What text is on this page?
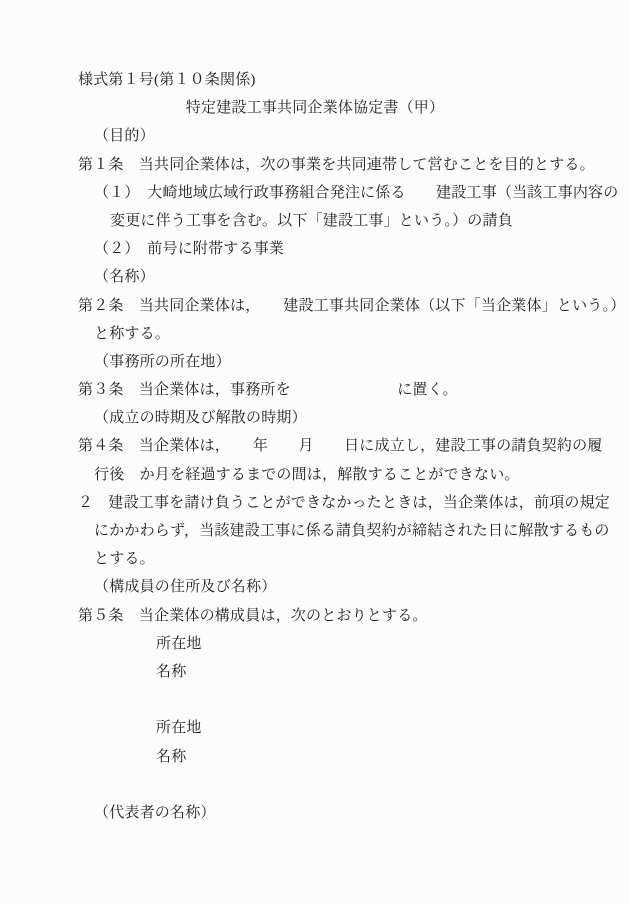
様式第１号(第１０条関係)
特定建設工事共同企業体協定書（甲）
（目的）
第１条　当共同企業体は，次の事業を共同連帯して営むことを目的とする。
（１）　大崎地域広域行政事務組合発注に係る　　建設工事（当該工事内容の
変更に伴う工事を含む。以下「建設工事」という。）の請負
（２）　前号に附帯する事業
（名称）
第２条　当共同企業体は，　　建設工事共同企業体（以下「当企業体」という。）
と称する。
（事務所の所在地）
第３条　当企業体は，事務所を　　　　　　　に置く。
（成立の時期及び解散の時期）
第４条　当企業体は，　　年　　月　　日に成立し，建設工事の請負契約の履
行後　か月を経過するまでの間は，解散することができない。
２　建設工事を請け負うことができなかったときは，当企業体は，前項の規定
にかかわらず，当該建設工事に係る請負契約が締結された日に解散するもの
とする。
（構成員の住所及び名称）
第５条　当企業体の構成員は，次のとおりとする。
所在地
名称
所在地
名称
（代表者の名称）
